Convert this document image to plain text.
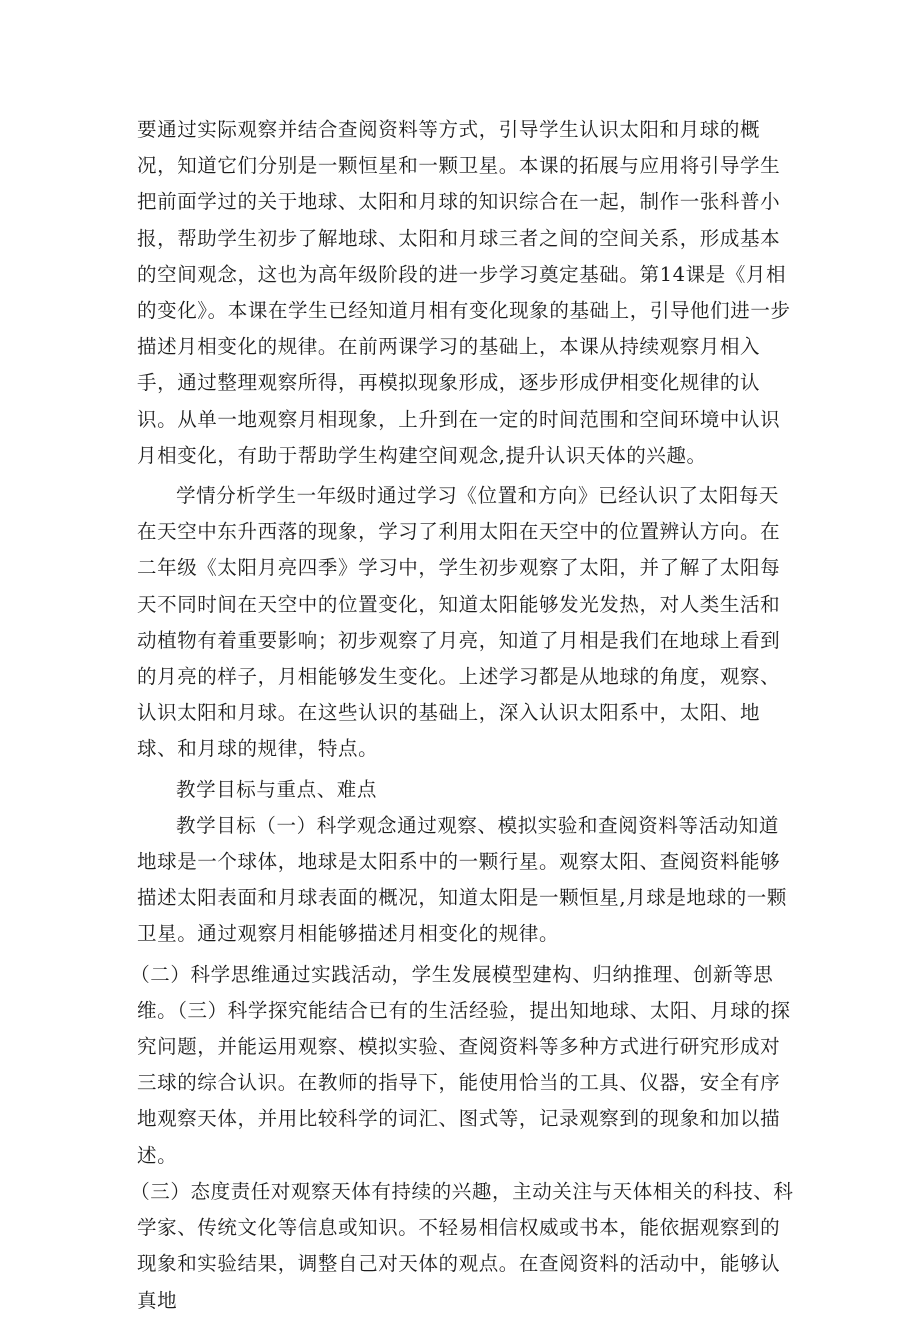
要通过实际观察并结合查阅资料等方式，引导学生认识太阳和月球的概况，知道它们分别是一颗恒星和一颗卫星。本课的拓展与应用将引导学生把前面学过的关于地球、太阳和月球的知识综合在一起，制作一张科普小报，帮助学生初步了解地球、太阳和月球三者之间的空间关系，形成基本的空间观念，这也为高年级阶段的进一步学习奠定基础。第14课是《月相的变化》。本课在学生已经知道月相有变化现象的基础上，引导他们进一步描述月相变化的规律。在前两课学习的基础上，本课从持续观察月相入手，通过整理观察所得，再模拟现象形成，逐步形成伊相变化规律的认识。从单一地观察月相现象，上升到在一定的时间范围和空间环境中认识月相变化，有助于帮助学生构建空间观念,提升认识天体的兴趣。

学情分析学生一年级时通过学习《位置和方向》已经认识了太阳每天在天空中东升西落的现象，学习了利用太阳在天空中的位置辨认方向。在二年级《太阳月亮四季》学习中，学生初步观察了太阳，并了解了太阳每天不同时间在天空中的位置变化，知道太阳能够发光发热，对人类生活和动植物有着重要影响；初步观察了月亮，知道了月相是我们在地球上看到的月亮的样子，月相能够发生变化。上述学习都是从地球的角度，观察、认识太阳和月球。在这些认识的基础上，深入认识太阳系中，太阳、地球、和月球的规律，特点。

教学目标与重点、难点

教学目标（一）科学观念通过观察、模拟实验和查阅资料等活动知道地球是一个球体，地球是太阳系中的一颗行星。观察太阳、查阅资料能够描述太阳表面和月球表面的概况，知道太阳是一颗恒星,月球是地球的一颗卫星。通过观察月相能够描述月相变化的规律。

（二）科学思维通过实践活动，学生发展模型建构、归纳推理、创新等思维。（三）科学探究能结合已有的生活经验，提出知地球、太阳、月球的探究问题，并能运用观察、模拟实验、查阅资料等多种方式进行研究形成对三球的综合认识。在教师的指导下，能使用恰当的工具、仪器，安全有序地观察天体，并用比较科学的词汇、图式等，记录观察到的现象和加以描述。

（三）态度责任对观察天体有持续的兴趣，主动关注与天体相关的科技、科学家、传统文化等信息或知识。不轻易相信权威或书本，能依据观察到的现象和实验结果，调整自己对天体的观点。在查阅资料的活动中，能够认真地
